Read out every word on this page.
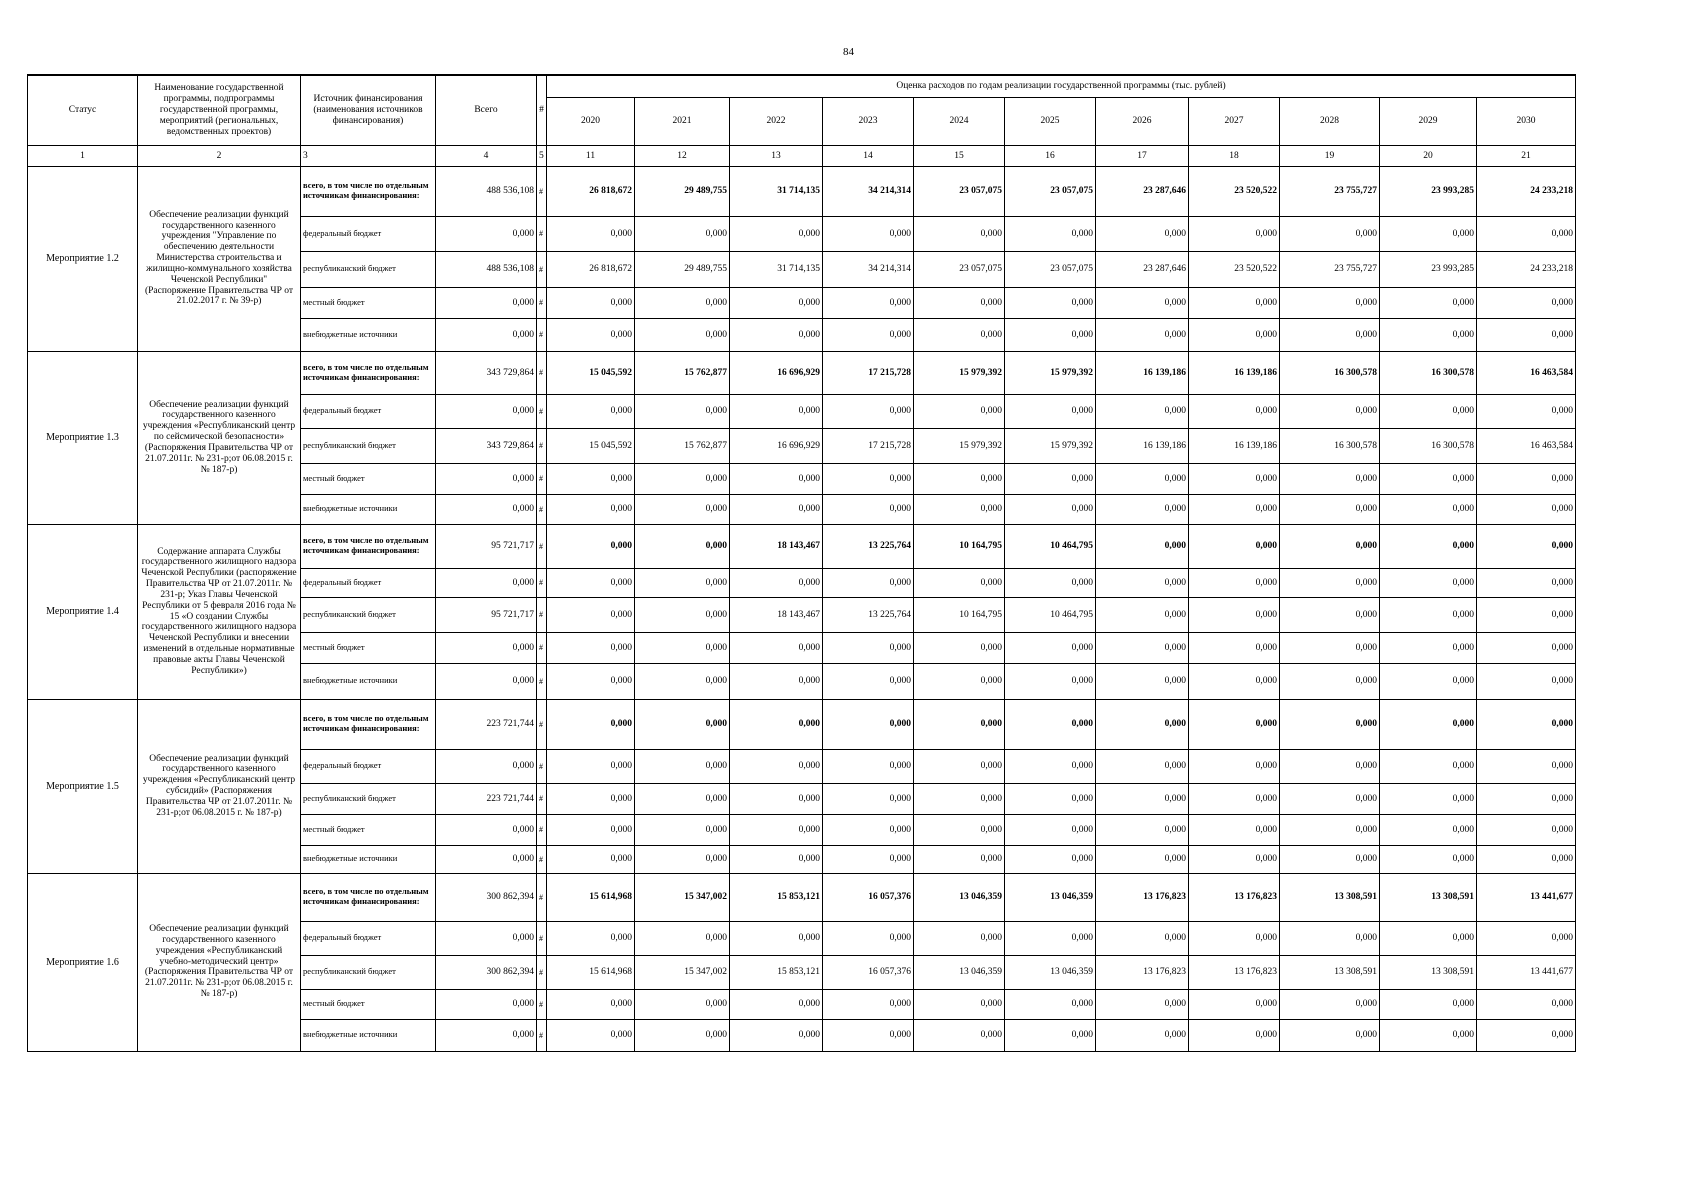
84
Статус	Наименование государственной программы, подпрограммы государственной программы, мероприятий (региональных, ведомственных проектов)	Источник финансирования (наименования источников финансирования)	Всего	#	Оценка расходов по годам реализации государственной программы (тыс. рублей)										
					2020	2021	2022	2023	2024	2025	2026	2027	2028	2029	2030
1	2	3	4	5	11	12	13	14	15	16	17	18	19	20	21
Мероприятие 1.2	Обеспечение реализации функций государственного казенного учреждения "Управление по обеспечению деятельности Министерства строительства и жилищно-коммунального хозяйства Чеченской Республики" (Распоряжение Правительства ЧР от 21.02.2017 г. № 39-р)	всего, в том числе по отдельным источникам финансирования:	488 536,108	#	26 818,672	29 489,755	31 714,135	34 214,314	23 057,075	23 057,075	23 287,646	23 520,522	23 755,727	23 993,285	24 233,218
		федеральный бюджет	0,000	#	0,000	0,000	0,000	0,000	0,000	0,000	0,000	0,000	0,000	0,000	0,000
		республиканский бюджет	488 536,108	#	26 818,672	29 489,755	31 714,135	34 214,314	23 057,075	23 057,075	23 287,646	23 520,522	23 755,727	23 993,285	24 233,218
		местный бюджет	0,000	#	0,000	0,000	0,000	0,000	0,000	0,000	0,000	0,000	0,000	0,000	0,000
		внебюджетные источники	0,000	#	0,000	0,000	0,000	0,000	0,000	0,000	0,000	0,000	0,000	0,000	0,000
Мероприятие 1.3	Обеспечение реализации функций государственного казенного учреждения «Республиканский центр по сейсмической безопасности» (Распоряжения Правительства ЧР от 21.07.2011г. № 231-р;от 06.08.2015 г. № 187-р)	всего, в том числе по отдельным источникам финансирования:	343 729,864	#	15 045,592	15 762,877	16 696,929	17 215,728	15 979,392	15 979,392	16 139,186	16 139,186	16 300,578	16 300,578	16 463,584
		федеральный бюджет	0,000	#	0,000	0,000	0,000	0,000	0,000	0,000	0,000	0,000	0,000	0,000	0,000
		республиканский бюджет	343 729,864	#	15 045,592	15 762,877	16 696,929	17 215,728	15 979,392	15 979,392	16 139,186	16 139,186	16 300,578	16 300,578	16 463,584
		местный бюджет	0,000	#	0,000	0,000	0,000	0,000	0,000	0,000	0,000	0,000	0,000	0,000	0,000
		внебюджетные источники	0,000	#	0,000	0,000	0,000	0,000	0,000	0,000	0,000	0,000	0,000	0,000	0,000
Мероприятие 1.4	Содержание аппарата Службы государственного жилищного надзора Чеченской Республики (распоряжение Правительства ЧР от 21.07.2011г. № 231-р; Указ Главы Чеченской Республики от 5 февраля 2016 года № 15 «О создании Службы государственного жилищного надзора Чеченской Республики и внесении изменений в отдельные нормативные правовые акты Главы Чеченской Республики»)	всего, в том числе по отдельным источникам финансирования:	95 721,717	#	0,000	0,000	18 143,467	13 225,764	10 164,795	10 464,795	0,000	0,000	0,000	0,000	0,000
		федеральный бюджет	0,000	#	0,000	0,000	0,000	0,000	0,000	0,000	0,000	0,000	0,000	0,000	0,000
		республиканский бюджет	95 721,717	#	0,000	0,000	18 143,467	13 225,764	10 164,795	10 464,795	0,000	0,000	0,000	0,000	0,000
		местный бюджет	0,000	#	0,000	0,000	0,000	0,000	0,000	0,000	0,000	0,000	0,000	0,000	0,000
		внебюджетные источники	0,000	#	0,000	0,000	0,000	0,000	0,000	0,000	0,000	0,000	0,000	0,000	0,000
Мероприятие 1.5	Обеспечение реализации функций государственного казенного учреждения «Республиканский центр субсидий» (Распоряжения Правительства ЧР от 21.07.2011г. № 231-р;от 06.08.2015 г. № 187-р)	всего, в том числе по отдельным источникам финансирования:	223 721,744	#	0,000	0,000	0,000	0,000	0,000	0,000	0,000	0,000	0,000	0,000	0,000
		федеральный бюджет	0,000	#	0,000	0,000	0,000	0,000	0,000	0,000	0,000	0,000	0,000	0,000	0,000
		республиканский бюджет	223 721,744	#	0,000	0,000	0,000	0,000	0,000	0,000	0,000	0,000	0,000	0,000	0,000
		местный бюджет	0,000	#	0,000	0,000	0,000	0,000	0,000	0,000	0,000	0,000	0,000	0,000	0,000
		внебюджетные источники	0,000	#	0,000	0,000	0,000	0,000	0,000	0,000	0,000	0,000	0,000	0,000	0,000
Мероприятие 1.6	Обеспечение реализации функций государственного казенного учреждения «Республиканский учебно-методический центр» (Распоряжения Правительства ЧР от 21.07.2011г. № 231-р;от 06.08.2015 г. № 187-р)	всего, в том числе по отдельным источникам финансирования:	300 862,394	#	15 614,968	15 347,002	15 853,121	16 057,376	13 046,359	13 046,359	13 176,823	13 176,823	13 308,591	13 308,591	13 441,677
		федеральный бюджет	0,000	#	0,000	0,000	0,000	0,000	0,000	0,000	0,000	0,000	0,000	0,000	0,000
		республиканский бюджет	300 862,394	#	15 614,968	15 347,002	15 853,121	16 057,376	13 046,359	13 046,359	13 176,823	13 176,823	13 308,591	13 308,591	13 441,677
		местный бюджет	0,000	#	0,000	0,000	0,000	0,000	0,000	0,000	0,000	0,000	0,000	0,000	0,000
		внебюджетные источники	0,000	#	0,000	0,000	0,000	0,000	0,000	0,000	0,000	0,000	0,000	0,000	0,000
